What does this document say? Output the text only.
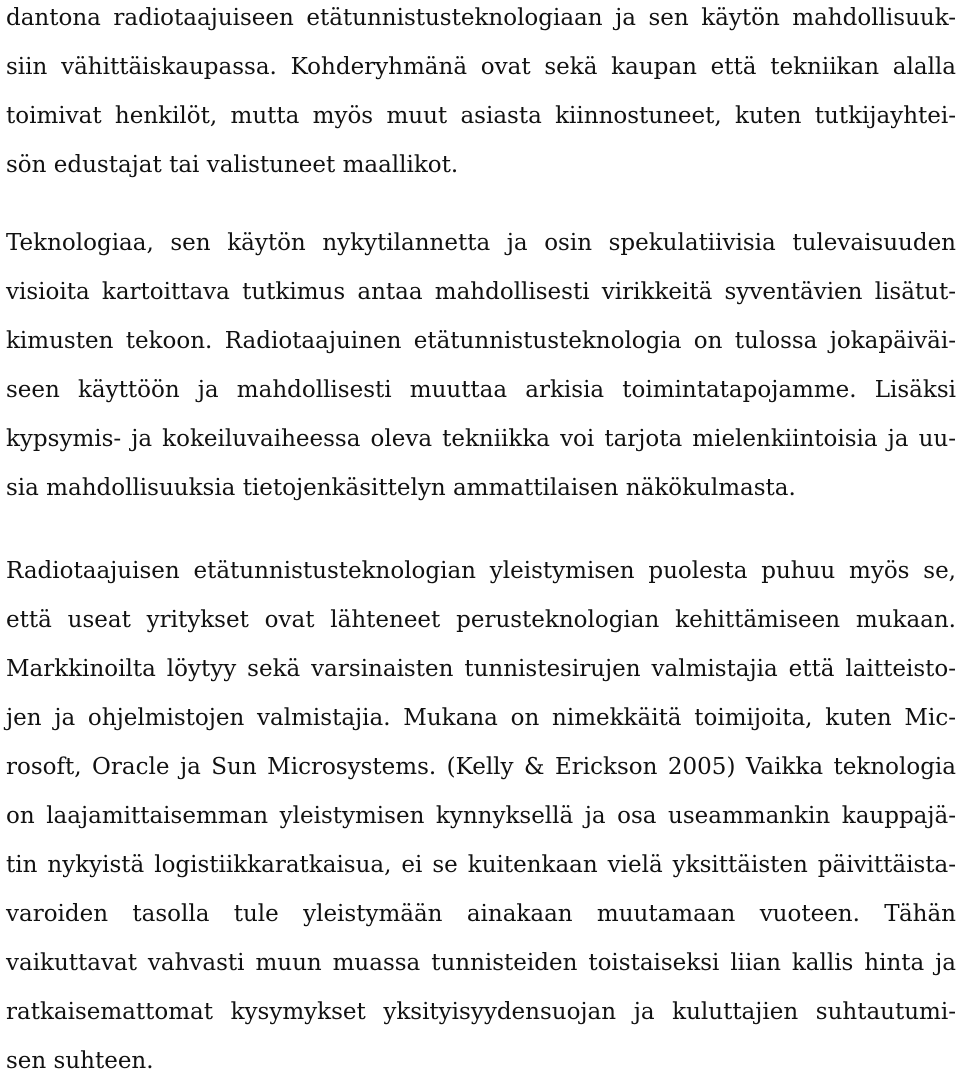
dantona radiotaajuiseen etätunnistusteknologiaan ja sen käytön mahdollisuuk-
siin vähittäiskaupassa. Kohderyhmänä ovat sekä kaupan että tekniikan alalla
toimivat henkilöt, mutta myös muut asiasta kiinnostuneet, kuten tutkijayhtei-
sön edustajat tai valistuneet maallikot.
Teknologiaa, sen käytön nykytilannetta ja osin spekulatiivisia tulevaisuuden
visioita kartoittava tutkimus antaa mahdollisesti virikkeitä syventävien lisätut-
kimusten tekoon. Radiotaajuinen etätunnistusteknologia on tulossa jokapäiväi-
seen käyttöön ja mahdollisesti muuttaa arkisia toimintatapojamme. Lisäksi
kypsymis- ja kokeiluvaiheessa oleva tekniikka voi tarjota mielenkiintoisia ja uu-
sia mahdollisuuksia tietojenkäsittelyn ammattilaisen näkökulmasta.
Radiotaajuisen etätunnistusteknologian yleistymisen puolesta puhuu myös se,
että useat yritykset ovat lähteneet perusteknologian kehittämiseen mukaan.
Markkinoilta löytyy sekä varsinaisten tunnistesirujen valmistajia että laitteisto-
jen ja ohjelmistojen valmistajia. Mukana on nimekkäitä toimijoita, kuten Mic-
rosoft, Oracle ja Sun Microsystems. (Kelly & Erickson 2005) Vaikka teknologia
on laajamittaisemman yleistymisen kynnyksellä ja osa useammankin kauppajä-
tin nykyistä logistiikkaratkaisua, ei se kuitenkaan vielä yksittäisten päivittäista-
varoiden tasolla tule yleistymään ainakaan muutamaan vuoteen. Tähän
vaikuttavat vahvasti muun muassa tunnisteiden toistaiseksi liian kallis hinta ja
ratkaisemattomat kysymykset yksityisyydensuojan ja kuluttajien suhtautumi-
sen suhteen.
